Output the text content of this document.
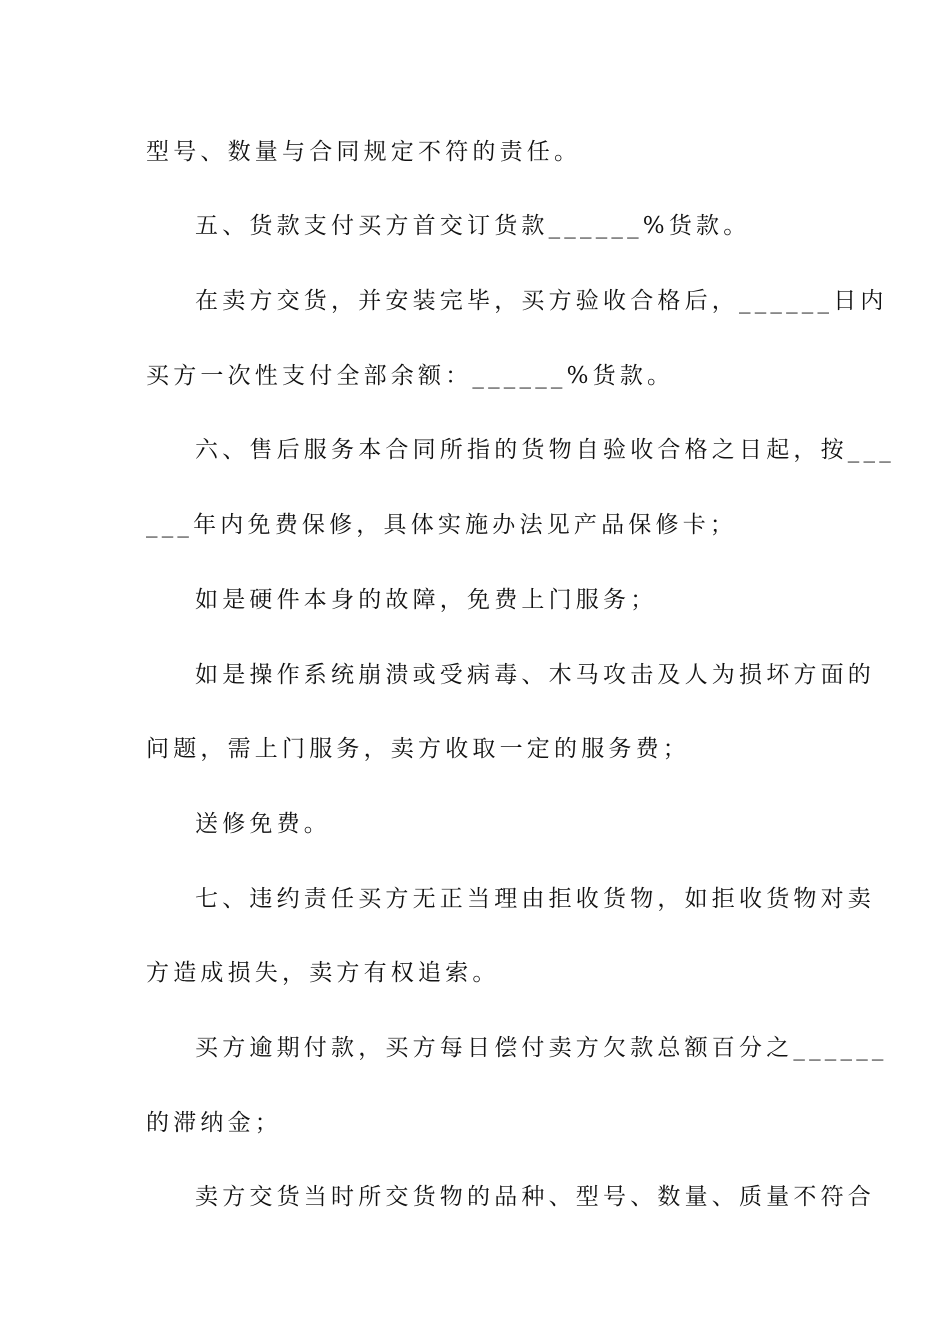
型号、数量与合同规定不符的责任。
五、货款支付买方首交订货款______%货款。
在卖方交货，并安装完毕，买方验收合格后，______日内
买方一次性支付全部余额：______%货款。
六、售后服务本合同所指的货物自验收合格之日起，按___
___年内免费保修，具体实施办法见产品保修卡；
如是硬件本身的故障，免费上门服务；
如是操作系统崩溃或受病毒、木马攻击及人为损坏方面的
问题，需上门服务，卖方收取一定的服务费；
送修免费。
七、违约责任买方无正当理由拒收货物，如拒收货物对卖
方造成损失，卖方有权追索。
买方逾期付款，买方每日偿付卖方欠款总额百分之______
的滞纳金；
卖方交货当时所交货物的品种、型号、数量、质量不符合
